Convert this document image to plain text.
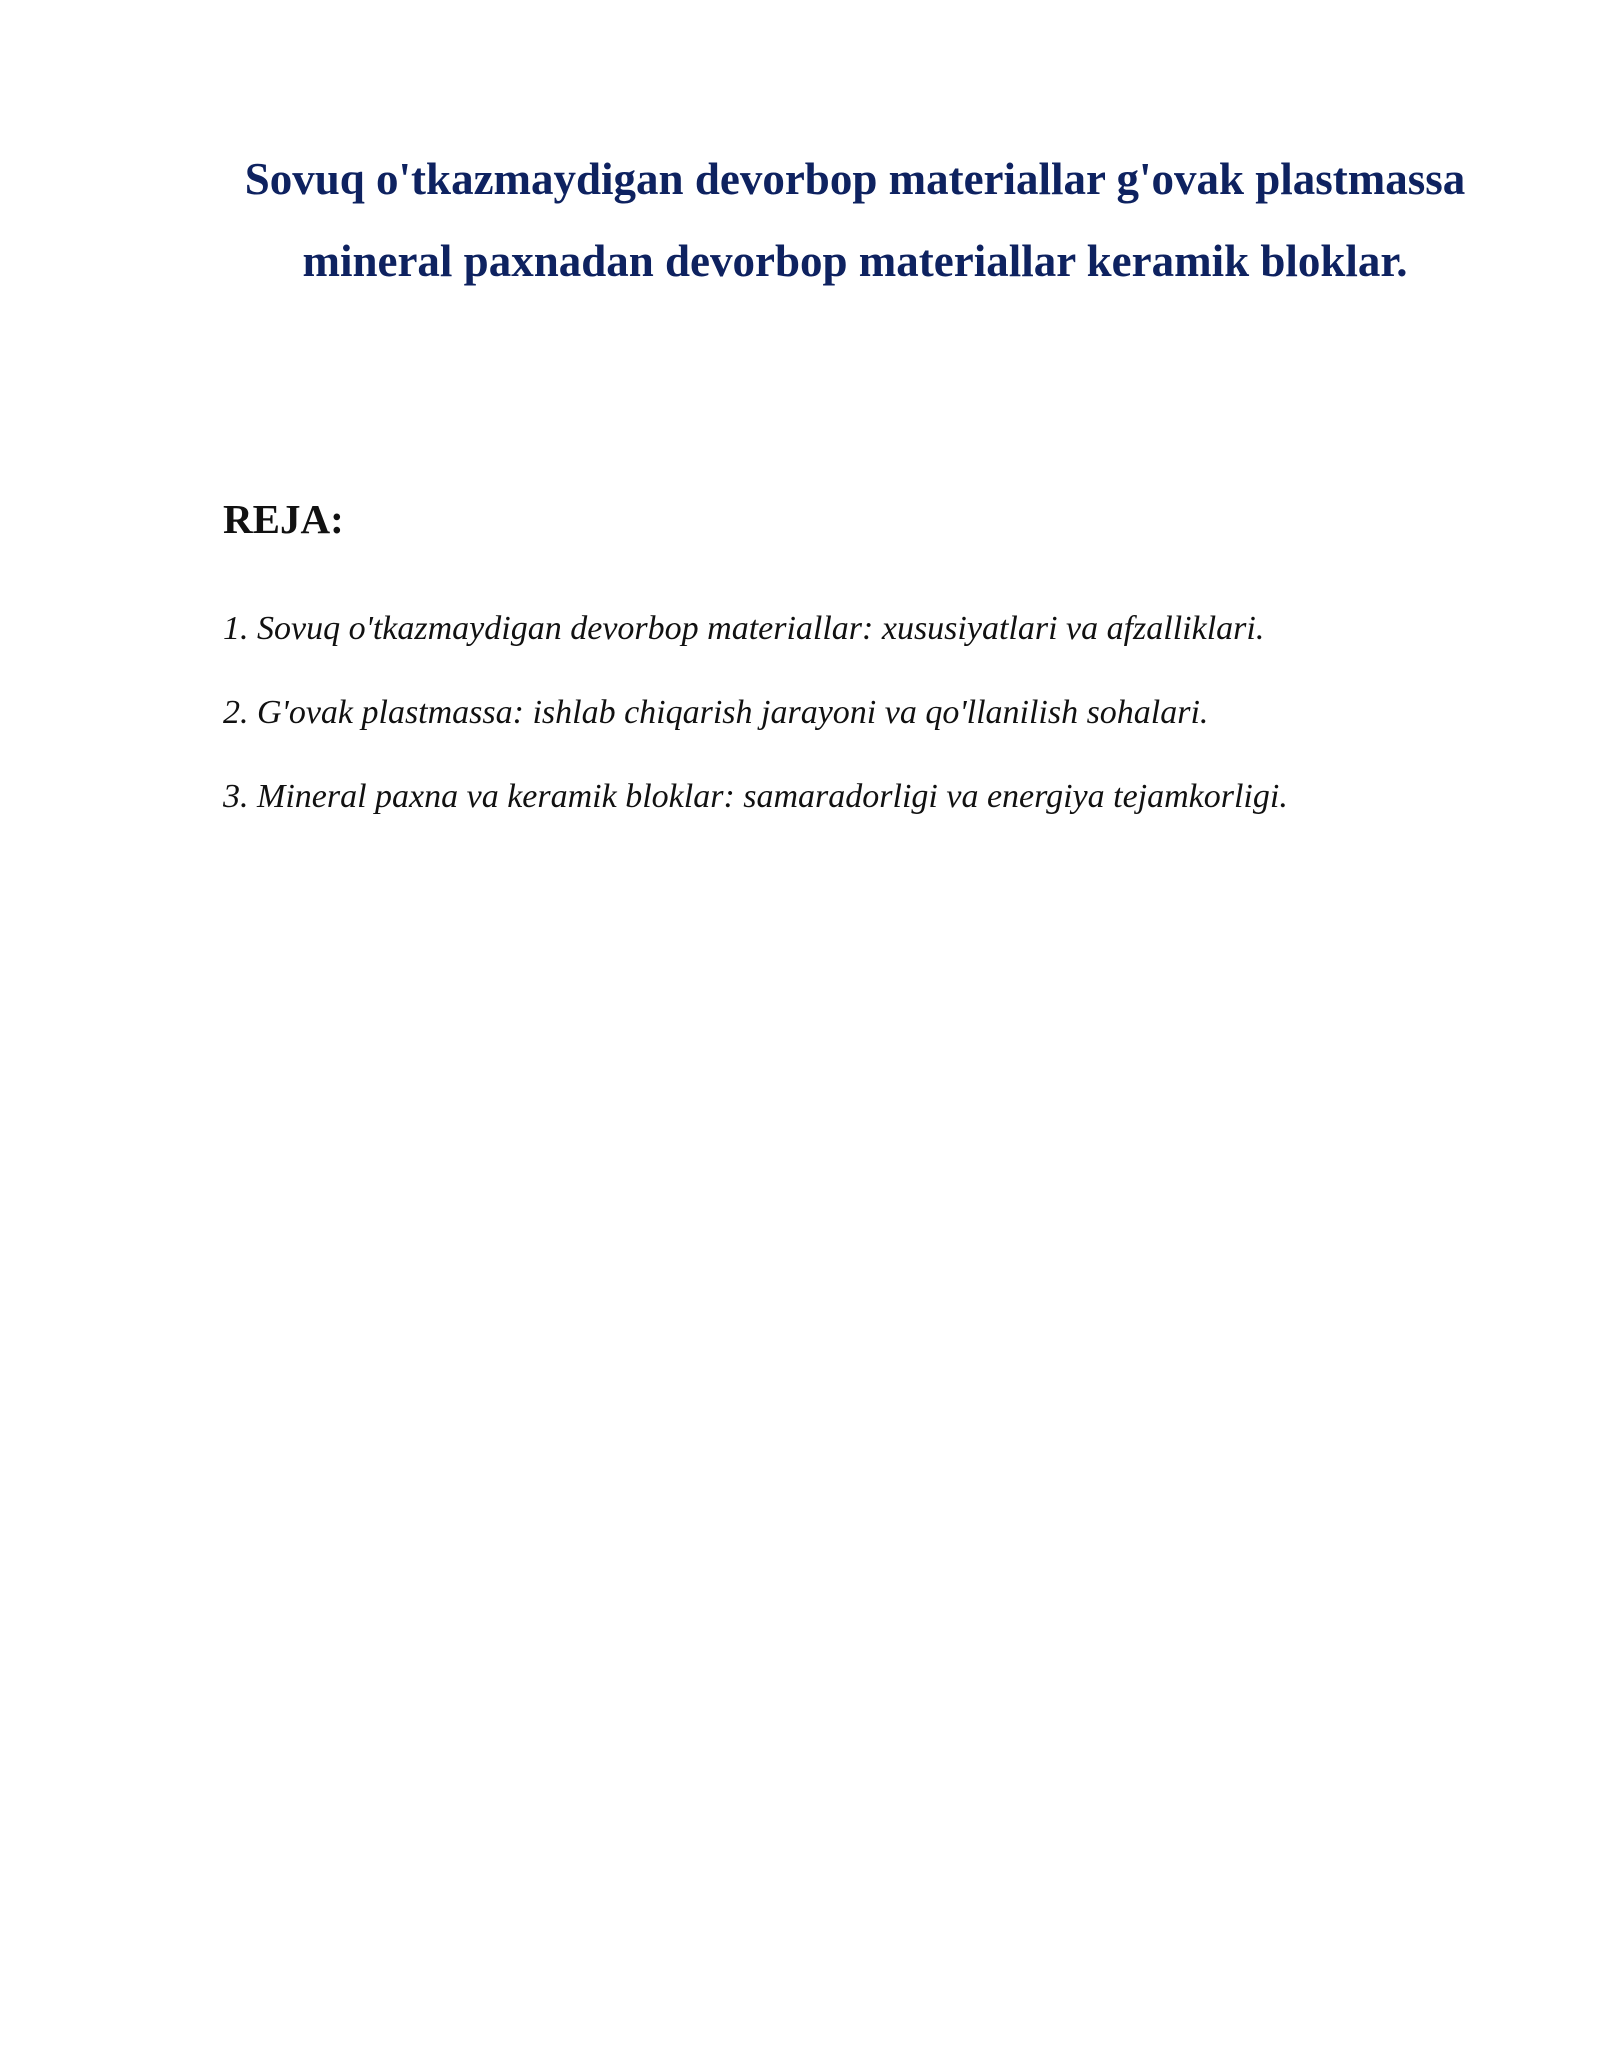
Sovuq o'tkazmaydigan devorbop materiallar g'ovak plastmassa mineral paxnadan devorbop materiallar keramik bloklar.
REJA:
1. Sovuq o'tkazmaydigan devorbop materiallar: xususiyatlari va afzalliklari.
2. G'ovak plastmassa: ishlab chiqarish jarayoni va qo'llanilish sohalari.
3. Mineral paxna va keramik bloklar: samaradorligi va energiya tejamkorligi.
